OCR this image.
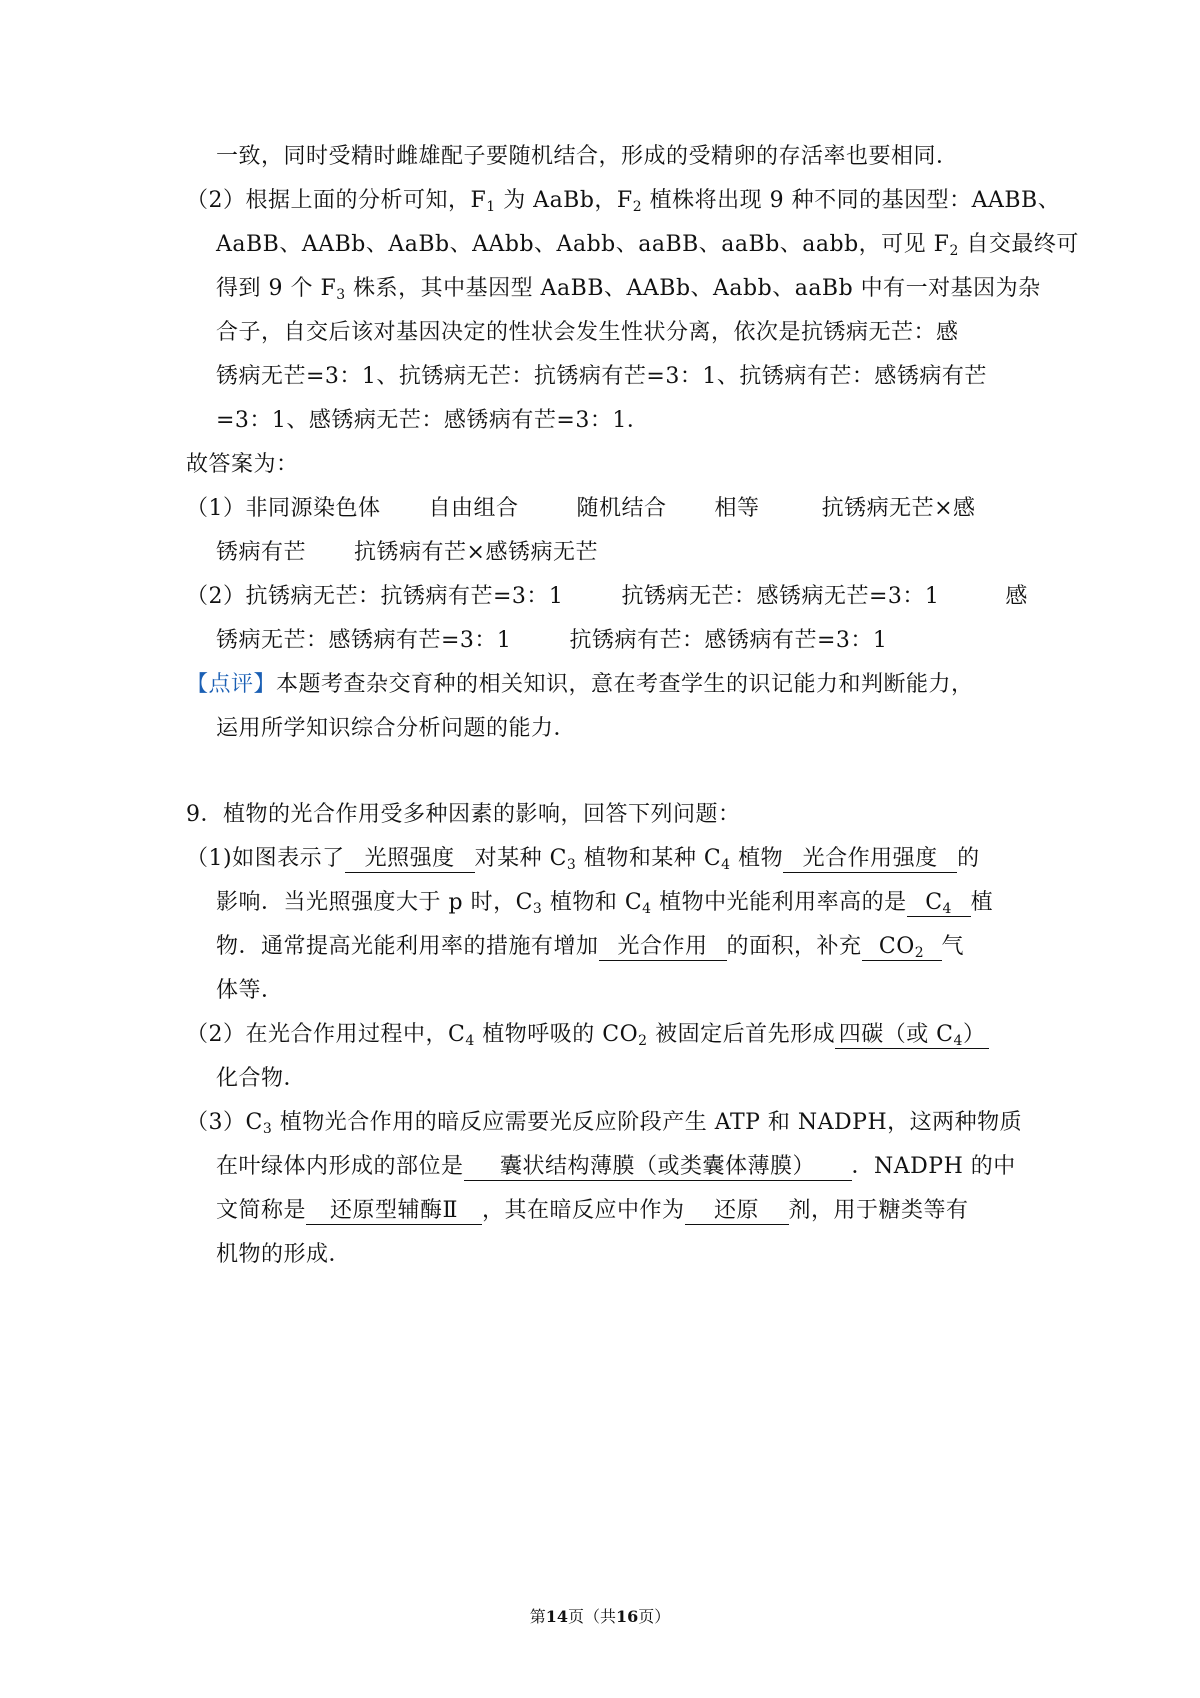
一致，同时受精时雌雄配子要随机结合，形成的受精卵的存活率也要相同．
（2）根据上面的分析可知，$F_1$ 为 AaBb，$F_2$ 植株将出现 9 种不同的基因型：AABB、
AaBB、AABb、AaBb、AAbb、Aabb、aaBB、aaBb、aabb，可见 $F_2$ 自交最终可
得到 9 个 $F_3$ 株系，其中基因型 AaBB、AABb、Aabb、aaBb 中有一对基因为杂
合子，自交后该对基因决定的性状会发生性状分离，依次是抗锈病无芒：感
锈病无芒=3：1、抗锈病无芒：抗锈病有芒=3：1、抗锈病有芒：感锈病有芒
=3：1、感锈病无芒：感锈病有芒=3：1．
故答案为：
（1）非同源染色体 自由组合	随机结合 相等	抗锈病无芒×感
锈病有芒 抗锈病有芒×感锈病无芒
（2）抗锈病无芒：抗锈病有芒=3：1	抗锈病无芒：感锈病无芒=3：1	感
锈病无芒：感锈病有芒=3：1	抗锈病有芒：感锈病有芒=3：1
【点评】本题考查杂交育种的相关知识，意在考查学生的识记能力和判断能力，
运用所学知识综合分析问题的能力．
9．植物的光合作用受多种因素的影响，回答下列问题：
（1)如图表示了 光照强度 对某种 $C_3$ 植物和某种 $C_4$ 植物 光合作用强度 的
影响．当光照强度大于 p 时，$C_3$ 植物和 $C_4$ 植物中光能利用率高的是 $C_4$ 植
物．通常提高光能利用率的措施有增加 光合作用 的面积，补充 $CO_2$ 气
体等．
（2）在光合作用过程中，$C_4$ 植物呼吸的 $CO_2$ 被固定后首先形成 四碳（或 $C_4$）
化合物．
$(3)C_3$ 植物光合作用的暗反应需要光反应阶段产生 ATP 和 NADPH，这两种物质
在叶绿体内形成的部位是 囊状结构薄膜（或类囊体薄膜） ．NADPH 的中
文简称是 还原型辅酶Ⅱ ，其在暗反应中作为 还原 剂，用于糖类等有
机物的形成．
第14页（共16页）
